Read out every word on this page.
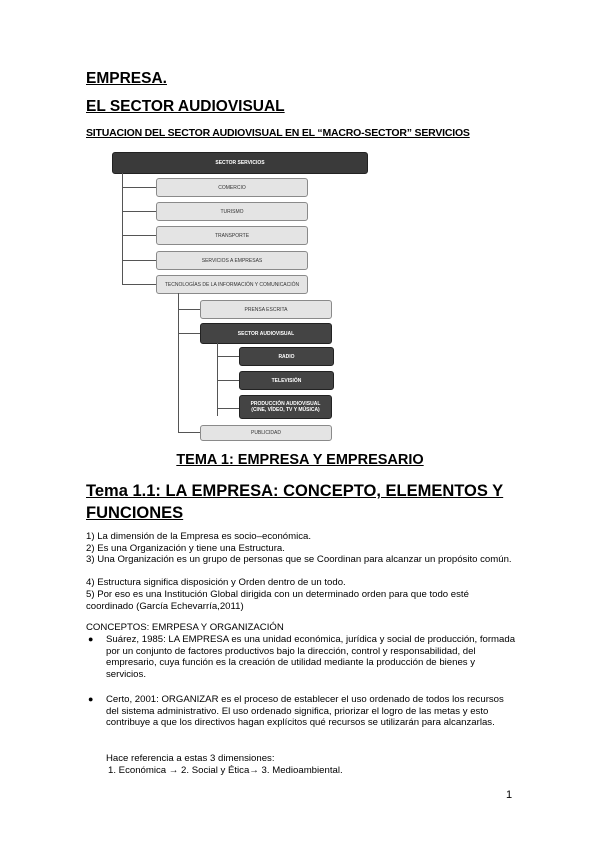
EMPRESA.
EL SECTOR AUDIOVISUAL
SITUACION DEL SECTOR AUDIOVISUAL EN EL “MACRO-SECTOR” SERVICIOS
SECTOR SERVICIOS
COMERCIO
TURISMO
TRANSPORTE
SERVICIOS A EMPRESAS
TECNOLOGÍAS DE LA INFORMACIÓN Y COMUNICACIÓN
PRENSA ESCRITA
SECTOR AUDIOVISUAL
PUBLICIDAD
RADIO
TELEVISIÓN
PRODUCCIÓN AUDIOVISUAL (CINE, VÍDEO, TV Y MÚSICA)
TEMA 1: EMPRESA Y EMPRESARIO
Tema 1.1: LA EMPRESA: CONCEPTO, ELEMENTOS Y FUNCIONES
1) La dimensión de la Empresa es socio–económica.
2) Es una Organización y tiene una Estructura.
3) Una Organización es un grupo de personas que se Coordinan para alcanzar un propósito común.
4) Estructura significa disposición y Orden dentro de un todo.
5) Por eso es una Institución Global dirigida con un determinado orden para que todo esté coordinado (García Echevarría,2011)
CONCEPTOS: EMRPESA Y ORGANIZACIÓN
● Suárez, 1985: LA EMPRESA es una unidad económica, jurídica y social de producción, formada por un conjunto de factores productivos bajo la dirección, control y responsabilidad, del empresario, cuya función es la creación de utilidad mediante la producción de bienes y servicios.
● Certo, 2001: ORGANIZAR es el proceso de establecer el uso ordenado de todos los recursos del sistema administrativo. El uso ordenado significa, priorizar el logro de las metas y esto contribuye a que los directivos hagan explícitos qué recursos se utilizarán para alcanzarlas.
Hace referencia a estas 3 dimensiones:
1. Económica → 2. Social y Ética→ 3. Medioambiental.
1
